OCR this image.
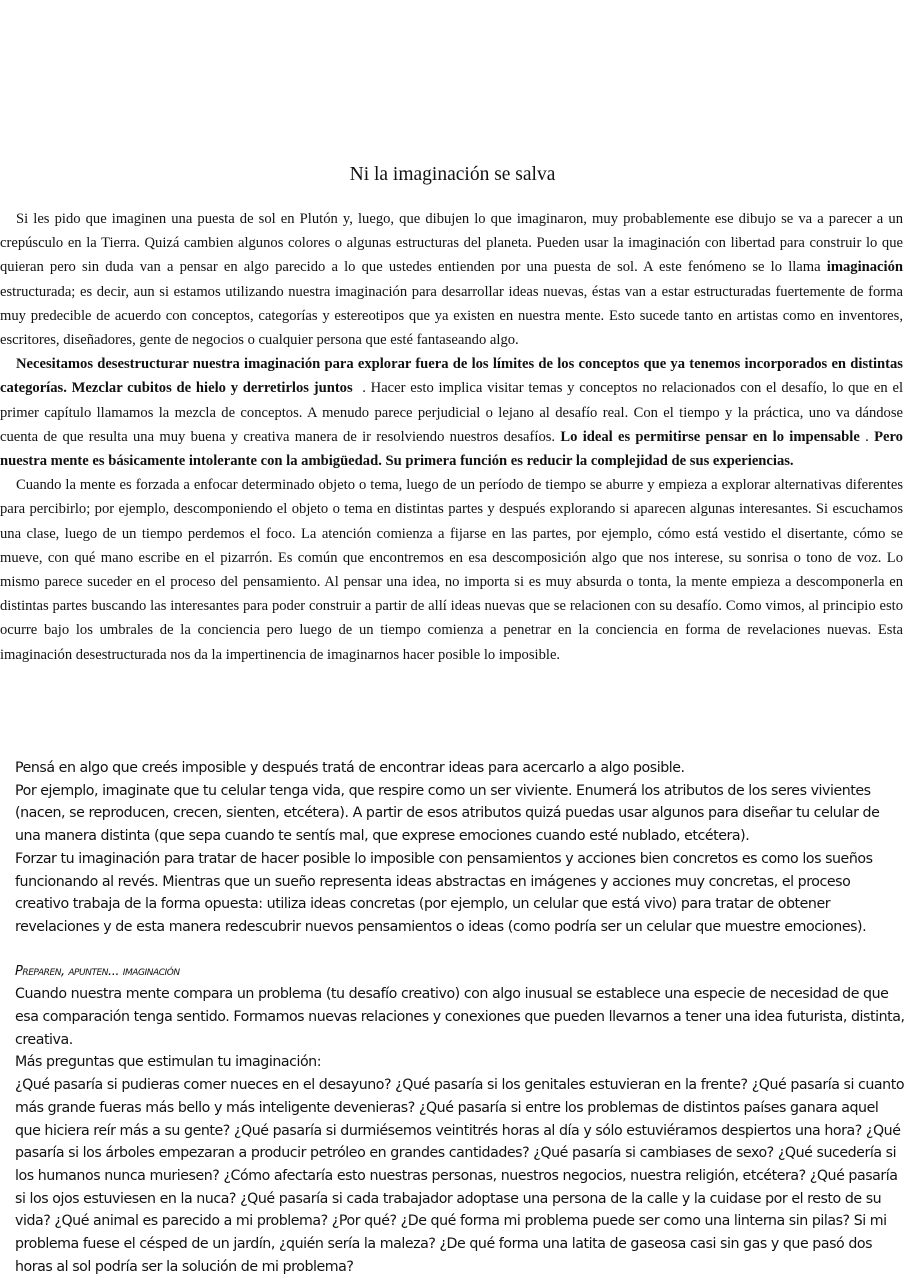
Ni la imaginación se salva

Si les pido que imaginen una puesta de sol en Plutón y, luego, que dibujen lo que imaginaron, muy probablemente ese dibujo se va a parecer a un crepúsculo en la Tierra. Quizá cambien algunos colores o algunas estructuras del planeta. Pueden usar la imaginación con libertad para construir lo que quieran pero sin duda van a pensar en algo parecido a lo que ustedes entienden por una puesta de sol. A este fenómeno se lo llama imaginación estructurada; es decir, aun si estamos utilizando nuestra imaginación para desarrollar ideas nuevas, éstas van a estar estructuradas fuertemente de forma muy predecible de acuerdo con conceptos, categorías y estereotipos que ya existen en nuestra mente. Esto sucede tanto en artistas como en inventores, escritores, diseñadores, gente de negocios o cualquier persona que esté fantaseando algo.

Necesitamos desestructurar nuestra imaginación para explorar fuera de los límites de los conceptos que ya tenemos incorporados en distintas categorías. Mezclar cubitos de hielo y derretirlos juntos . Hacer esto implica visitar temas y conceptos no relacionados con el desafío, lo que en el primer capítulo llamamos la mezcla de conceptos. A menudo parece perjudicial o lejano al desafío real. Con el tiempo y la práctica, uno va dándose cuenta de que resulta una muy buena y creativa manera de ir resolviendo nuestros desafíos. Lo ideal es permitirse pensar en lo impensable . Pero nuestra mente es básicamente intolerante con la ambigüedad. Su primera función es reducir la complejidad de sus experiencias.

Cuando la mente es forzada a enfocar determinado objeto o tema, luego de un período de tiempo se aburre y empieza a explorar alternativas diferentes para percibirlo; por ejemplo, descomponiendo el objeto o tema en distintas partes y después explorando si aparecen algunas interesantes. Si escuchamos una clase, luego de un tiempo perdemos el foco. La atención comienza a fijarse en las partes, por ejemplo, cómo está vestido el disertante, cómo se mueve, con qué mano escribe en el pizarrón. Es común que encontremos en esa descomposición algo que nos interese, su sonrisa o tono de voz. Lo mismo parece suceder en el proceso del pensamiento. Al pensar una idea, no importa si es muy absurda o tonta, la mente empieza a descomponerla en distintas partes buscando las interesantes para poder construir a partir de allí ideas nuevas que se relacionen con su desafío. Como vimos, al principio esto ocurre bajo los umbrales de la conciencia pero luego de un tiempo comienza a penetrar en la conciencia en forma de revelaciones nuevas. Esta imaginación desestructurada nos da la impertinencia de imaginarnos hacer posible lo imposible.

Pensá en algo que creés imposible y después tratá de encontrar ideas para acercarlo a algo posible.

Por ejemplo, imaginate que tu celular tenga vida, que respire como un ser viviente. Enumerá los atributos de los seres vivientes (nacen, se reproducen, crecen, sienten, etcétera). A partir de esos atributos quizá puedas usar algunos para diseñar tu celular de una manera distinta (que sepa cuando te sentís mal, que exprese emociones cuando esté nublado, etcétera).

Forzar tu imaginación para tratar de hacer posible lo imposible con pensamientos y acciones bien concretos es como los sueños funcionando al revés. Mientras que un sueño representa ideas abstractas en imágenes y acciones muy concretas, el proceso creativo trabaja de la forma opuesta: utiliza ideas concretas (por ejemplo, un celular que está vivo) para tratar de obtener revelaciones y de esta manera redescubrir nuevos pensamientos o ideas (como podría ser un celular que muestre emociones).

Preparen, apunten... imaginación

Cuando nuestra mente compara un problema (tu desafío creativo) con algo inusual se establece una especie de necesidad de que esa comparación tenga sentido. Formamos nuevas relaciones y conexiones que pueden llevarnos a tener una idea futurista, distinta, creativa.

Más preguntas que estimulan tu imaginación:

¿Qué pasaría si pudieras comer nueces en el desayuno? ¿Qué pasaría si los genitales estuvieran en la frente? ¿Qué pasaría si cuanto más grande fueras más bello y más inteligente devenieras? ¿Qué pasaría si entre los problemas de distintos países ganara aquel que hiciera reír más a su gente? ¿Qué pasaría si durmiésemos veintitrés horas al día y sólo estuviéramos despiertos una hora? ¿Qué pasaría si los árboles empezaran a producir petróleo en grandes cantidades? ¿Qué pasaría si cambiases de sexo? ¿Qué sucedería si los humanos nunca muriesen? ¿Cómo afectaría esto nuestras personas, nuestros negocios, nuestra religión, etcétera? ¿Qué pasaría si los ojos estuviesen en la nuca? ¿Qué pasaría si cada trabajador adoptase una persona de la calle y la cuidase por el resto de su vida? ¿Qué animal es parecido a mi problema? ¿Por qué? ¿De qué forma mi problema puede ser como una linterna sin pilas? Si mi problema fuese el césped de un jardín, ¿quién sería la maleza? ¿De qué forma una latita de gaseosa casi sin gas y que pasó dos horas al sol podría ser la solución de mi problema?
